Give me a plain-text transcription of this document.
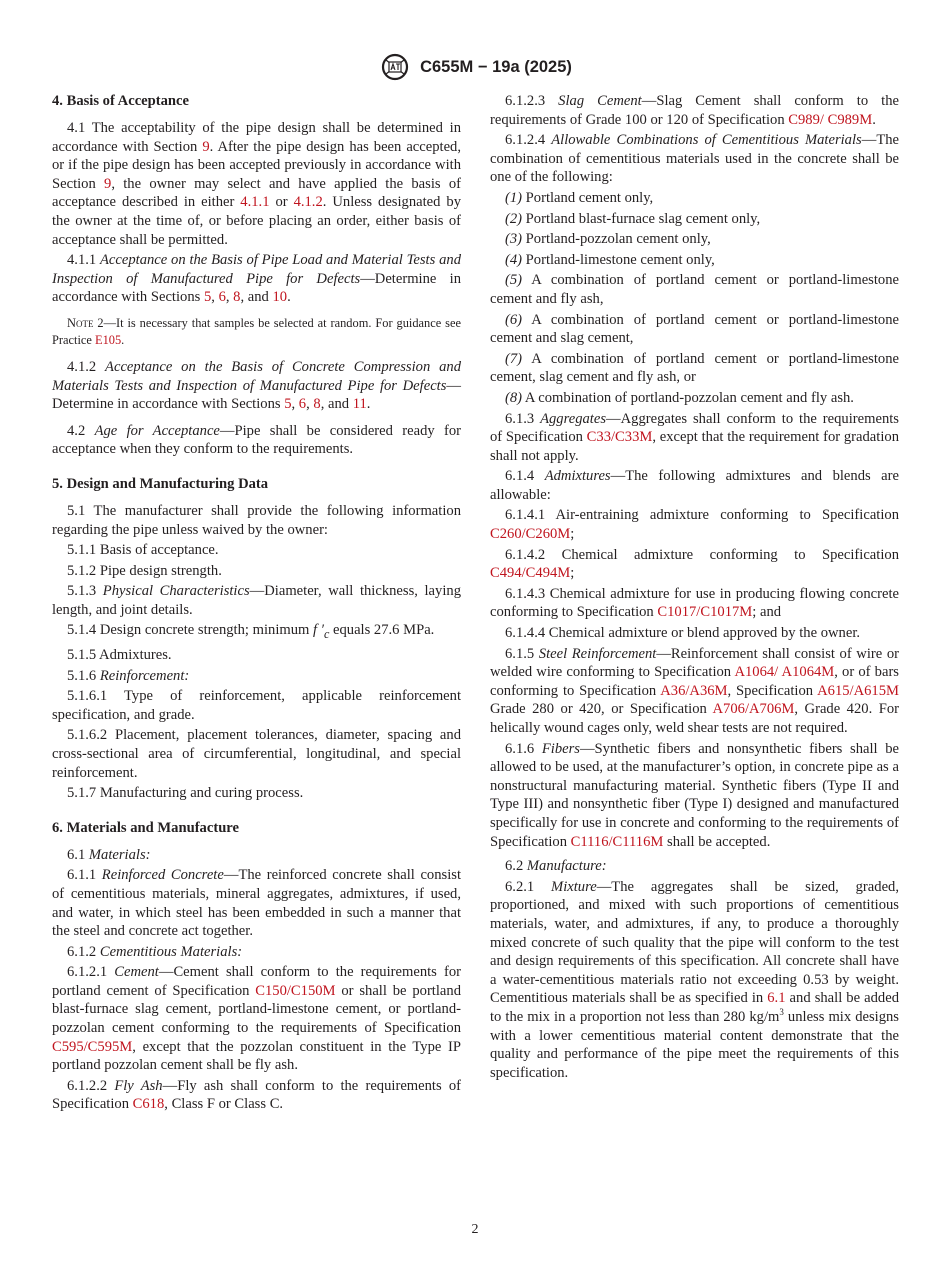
C655M − 19a (2025)
4. Basis of Acceptance

4.1 The acceptability of the pipe design shall be determined in accordance with Section 9. After the pipe design has been accepted, or if the pipe design has been accepted previously in accordance with Section 9, the owner may select and have applied the basis of acceptance described in either 4.1.1 or 4.1.2. Unless designated by the owner at the time of, or before placing an order, either basis of acceptance shall be permitted.

4.1.1 Acceptance on the Basis of Pipe Load and Material Tests and Inspection of Manufactured Pipe for Defects—Determine in accordance with Sections 5, 6, 8, and 10.

Note 2—It is necessary that samples be selected at random. For guidance see Practice E105.

4.1.2 Acceptance on the Basis of Concrete Compression and Materials Tests and Inspection of Manufactured Pipe for Defects—Determine in accordance with Sections 5, 6, 8, and 11.

4.2 Age for Acceptance—Pipe shall be considered ready for acceptance when they conform to the requirements.

5. Design and Manufacturing Data

5.1 The manufacturer shall provide the following information regarding the pipe unless waived by the owner:

5.1.1 Basis of acceptance.

5.1.2 Pipe design strength.

5.1.3 Physical Characteristics—Diameter, wall thickness, laying length, and joint details.

5.1.4 Design concrete strength; minimum f $'_c$ equals 27.6 MPa.

5.1.5 Admixtures.

5.1.6 Reinforcement:

5.1.6.1 Type of reinforcement, applicable reinforcement specification, and grade.

5.1.6.2 Placement, placement tolerances, diameter, spacing and cross-sectional area of circumferential, longitudinal, and special reinforcement.

5.1.7 Manufacturing and curing process.

6. Materials and Manufacture

6.1 Materials:

6.1.1 Reinforced Concrete—The reinforced concrete shall consist of cementitious materials, mineral aggregates, admixtures, if used, and water, in which steel has been embedded in such a manner that the steel and concrete act together.

6.1.2 Cementitious Materials:

6.1.2.1 Cement—Cement shall conform to the requirements for portland cement of Specification C150/C150M or shall be portland blast-furnace slag cement, portland-limestone cement, or portland-pozzolan cement conforming to the requirements of Specification C595/C595M, except that the pozzolan constituent in the Type IP portland pozzolan cement shall be fly ash.

6.1.2.2 Fly Ash—Fly ash shall conform to the requirements of Specification C618, Class F or Class C.

6.1.2.3 Slag Cement—Slag Cement shall conform to the requirements of Grade 100 or 120 of Specification C989/ C989M.

6.1.2.4 Allowable Combinations of Cementitious Materials—The combination of cementitious materials used in the concrete shall be one of the following:

(1) Portland cement only,

(2) Portland blast-furnace slag cement only,

(3) Portland-pozzolan cement only,

(4) Portland-limestone cement only,

(5) A combination of portland cement or portland-limestone cement and fly ash,

(6) A combination of portland cement or portland-limestone cement and slag cement,

(7) A combination of portland cement or portland-limestone cement, slag cement and fly ash, or

(8) A combination of portland-pozzolan cement and fly ash.

6.1.3 Aggregates—Aggregates shall conform to the requirements of Specification C33/C33M, except that the requirement for gradation shall not apply.

6.1.4 Admixtures—The following admixtures and blends are allowable:

6.1.4.1 Air-entraining admixture conforming to Specification C260/C260M;

6.1.4.2 Chemical admixture conforming to Specification C494/C494M;

6.1.4.3 Chemical admixture for use in producing flowing concrete conforming to Specification C1017/C1017M; and

6.1.4.4 Chemical admixture or blend approved by the owner.

6.1.5 Steel Reinforcement—Reinforcement shall consist of wire or welded wire conforming to Specification A1064/ A1064M, or of bars conforming to Specification A36/A36M, Specification A615/A615M Grade 280 or 420, or Specification A706/A706M, Grade 420. For helically wound cages only, weld shear tests are not required.

6.1.6 Fibers—Synthetic fibers and nonsynthetic fibers shall be allowed to be used, at the manufacturer’s option, in concrete pipe as a nonstructural manufacturing material. Synthetic fibers (Type II and Type III) and nonsynthetic fiber (Type I) designed and manufactured specifically for use in concrete and conforming to the requirements of Specification C1116/C1116M shall be accepted.

6.2 Manufacture:

6.2.1 Mixture—The aggregates shall be sized, graded, proportioned, and mixed with such proportions of cementitious materials, water, and admixtures, if any, to produce a thoroughly mixed concrete of such quality that the pipe will conform to the test and design requirements of this specification. All concrete shall have a water-cementitious materials ratio not exceeding 0.53 by weight. Cementitious materials shall be as specified in 6.1 and shall be added to the mix in a proportion not less than 280 $kg/m^3$ unless mix designs with a lower cementitious material content demonstrate that the quality and performance of the pipe meet the requirements of this specification.

2
